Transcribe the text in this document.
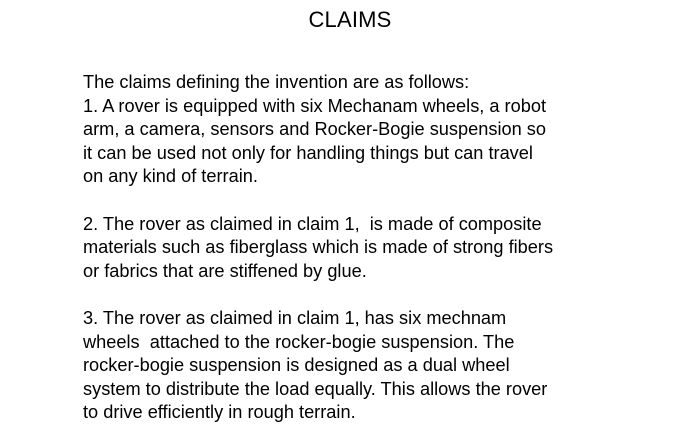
CLAIMS
The claims defining the invention are as follows:
1. A rover is equipped with six Mechanam wheels, a robot
arm, a camera, sensors and Rocker-Bogie suspension so
it can be used not only for handling things but can travel
on any kind of terrain.
2. The rover as claimed in claim 1,  is made of composite
materials such as fiberglass which is made of strong fibers
or fabrics that are stiffened by glue.
3. The rover as claimed in claim 1, has six mechnam
wheels  attached to the rocker-bogie suspension. The
rocker-bogie suspension is designed as a dual wheel
system to distribute the load equally. This allows the rover
to drive efficiently in rough terrain.
